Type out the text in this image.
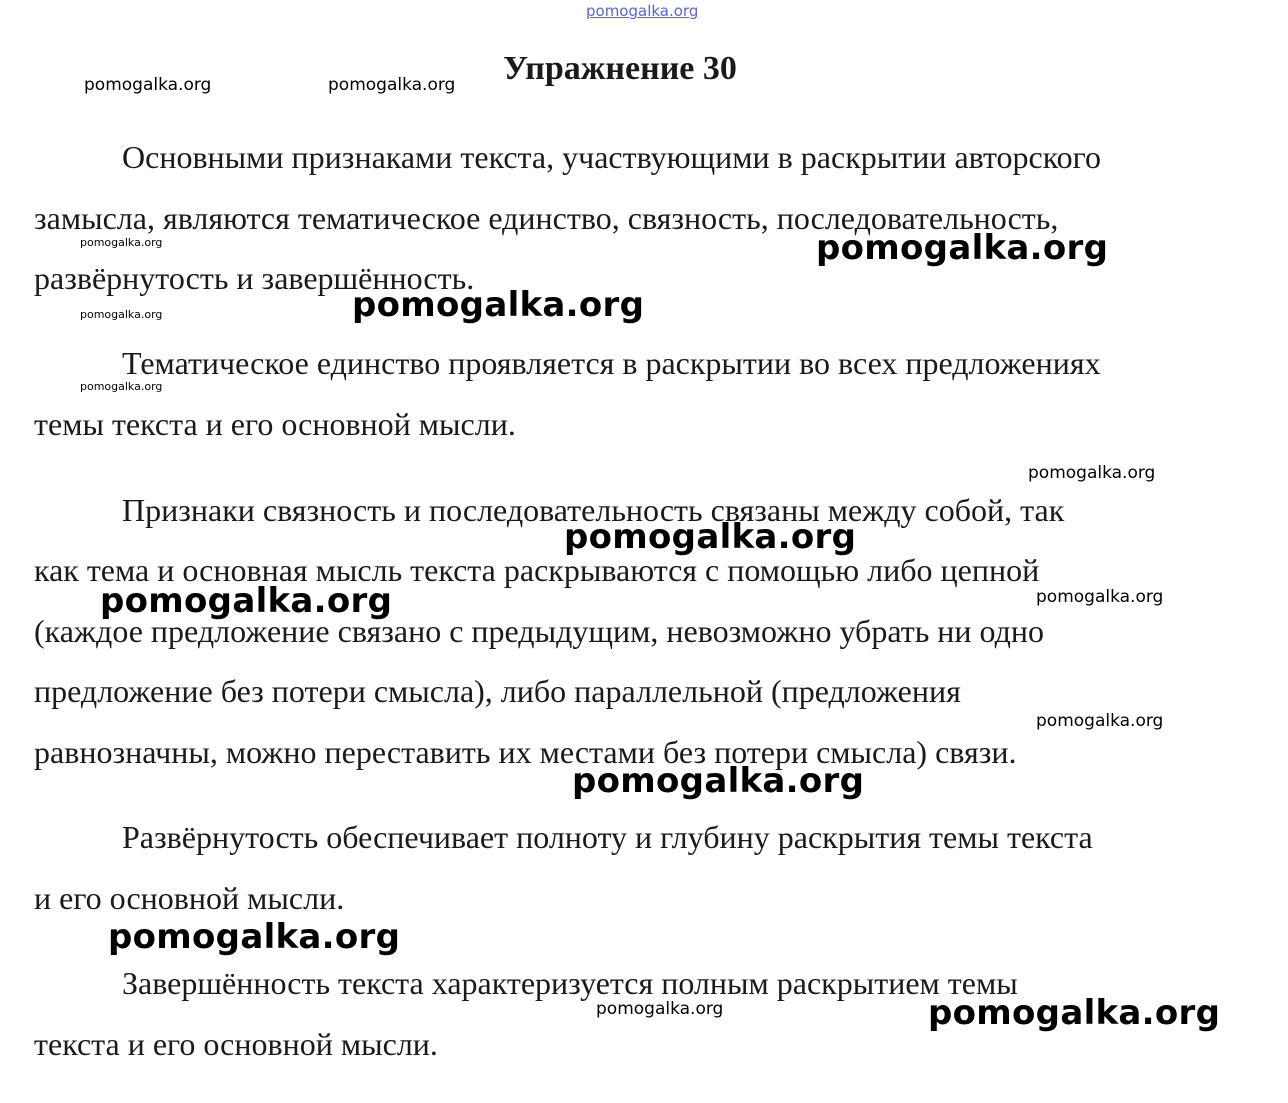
pomogalka.org
pomogalka.org	pomogalka.org
pomogalka.org	pomogalka.org
pomogalka.org
pomogalka.org
pomogalka.org
pomogalka.org
pomogalka.org
pomogalka.org	pomogalka.org
pomogalka.org
pomogalka.org
pomogalka.org
pomogalka.org	pomogalka.org
Упражнение 30
Основными признаками текста, участвующими в раскрытии авторского
замысла, являются тематическое единство, связность, последовательность,
развёрнутость и завершённость.
Тематическое единство проявляется в раскрытии во всех предложениях
темы текста и его основной мысли.
Признаки связность и последовательность связаны между собой, так
как тема и основная мысль текста раскрываются с помощью либо цепной
(каждое предложение связано с предыдущим, невозможно убрать ни одно
предложение без потери смысла), либо параллельной (предложения
равнозначны, можно переставить их местами без потери смысла) связи.
Развёрнутость обеспечивает полноту и глубину раскрытия темы текста
и его основной мысли.
Завершённость текста характеризуется полным раскрытием темы
текста и его основной мысли.
